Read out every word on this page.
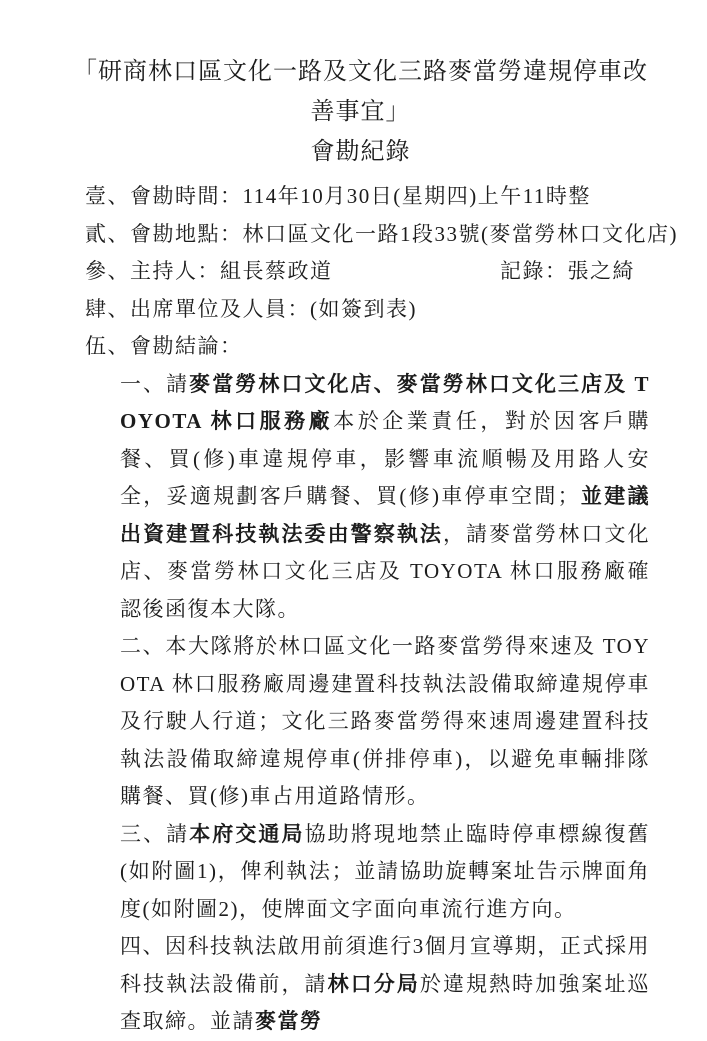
「研商林口區文化一路及文化三路麥當勞違規停車改善事宜」
會勘紀錄

壹、會勘時間：114年10月30日(星期四)上午11時整

貳、會勘地點：林口區文化一路1段33號(麥當勞林口文化店)

參、主持人：組長蔡政道	記錄：張之綺

肆、出席單位及人員：(如簽到表)

伍、會勘結論：

一、請麥當勞林口文化店、麥當勞林口文化三店及 TOYOTA 林口服務廠本於企業責任，對於因客戶購餐、買(修)車違規停車，影響車流順暢及用路人安全，妥適規劃客戶購餐、買(修)車停車空間；並建議出資建置科技執法委由警察執法，請麥當勞林口文化店、麥當勞林口文化三店及 TOYOTA 林口服務廠確認後函復本大隊。

二、本大隊將於林口區文化一路麥當勞得來速及 TOYOTA 林口服務廠周邊建置科技執法設備取締違規停車及行駛人行道；文化三路麥當勞得來速周邊建置科技執法設備取締違規停車(併排停車)，以避免車輛排隊購餐、買(修)車占用道路情形。

三、請本府交通局協助將現地禁止臨時停車標線復舊(如附圖1)，俾利執法；並請協助旋轉案址告示牌面角度(如附圖2)，使牌面文字面向車流行進方向。

四、因科技執法啟用前須進行3個月宣導期，正式採用科技執法設備前，請林口分局於違規熱時加強案址巡查取締。並請麥當勞
